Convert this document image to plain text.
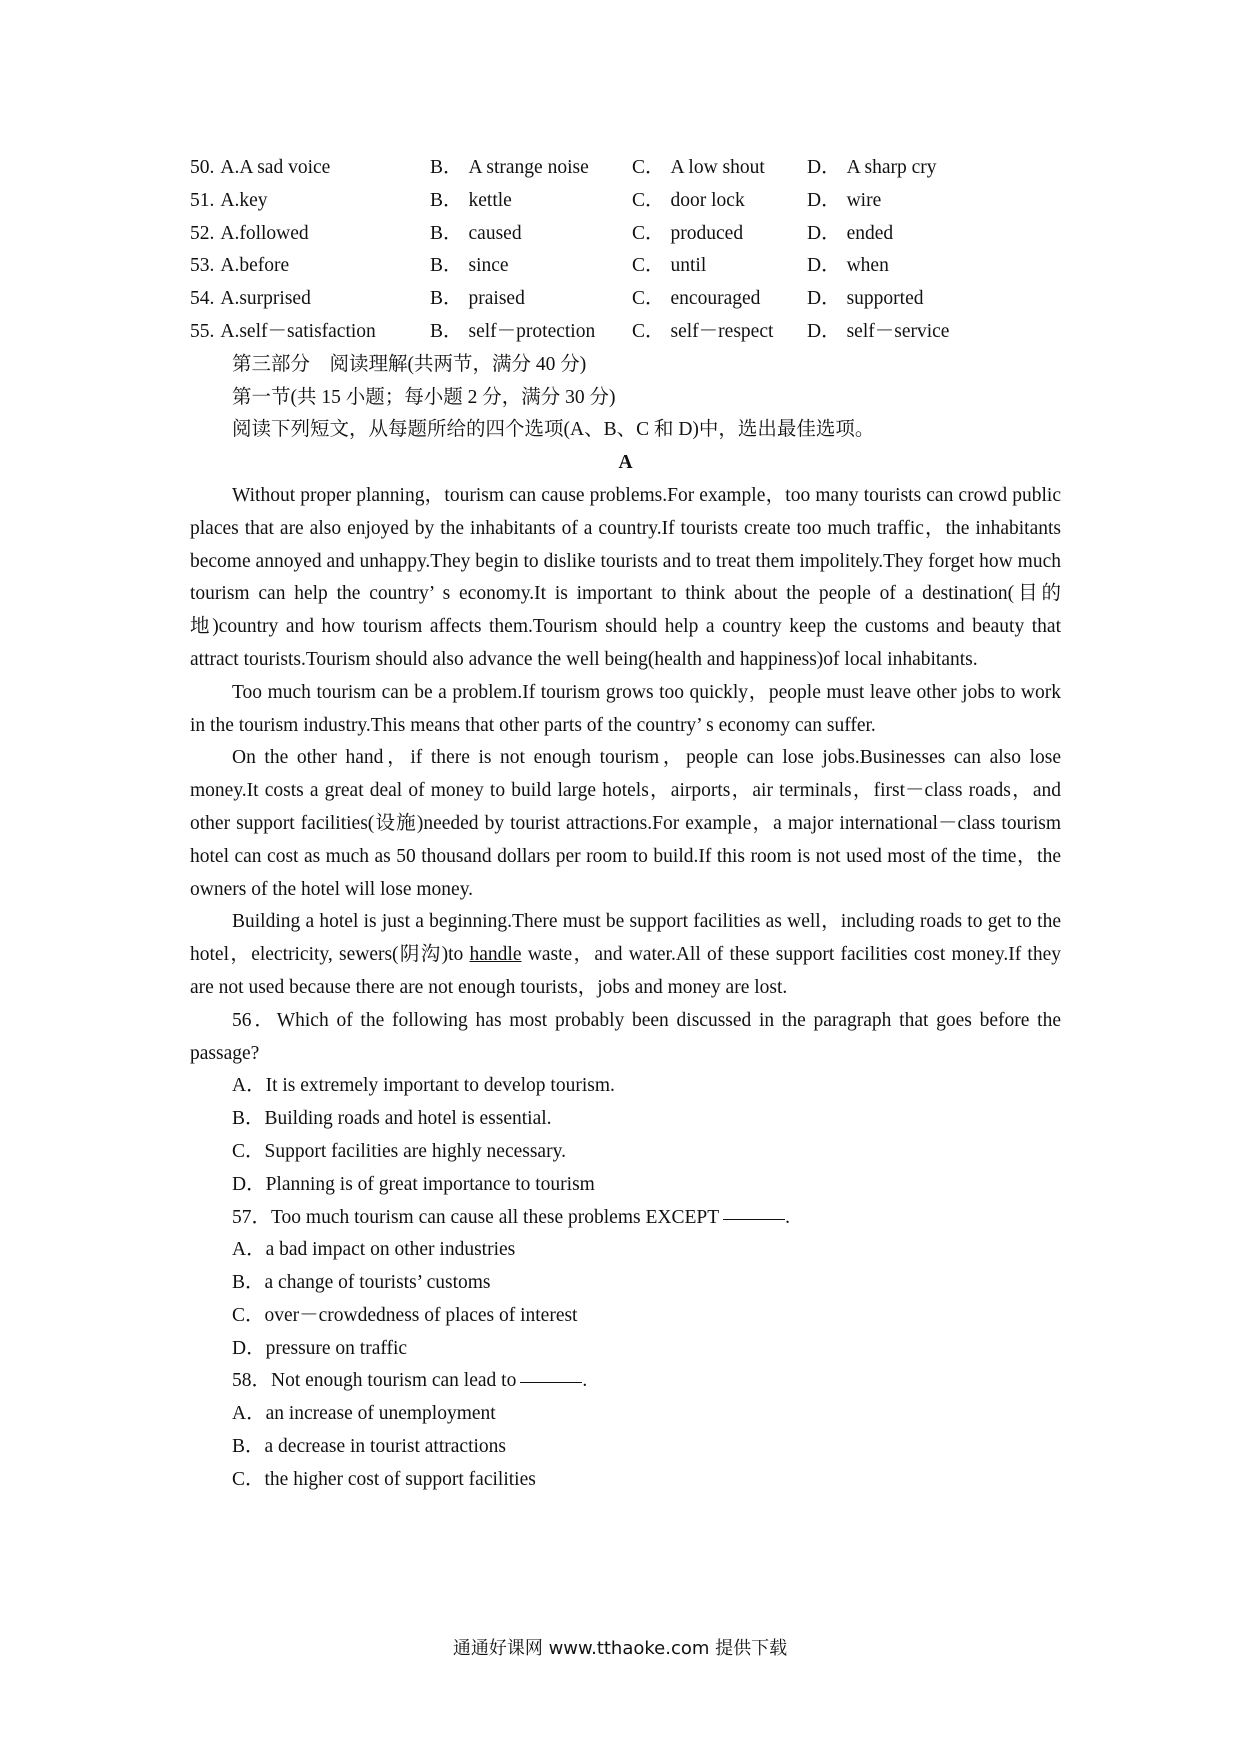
50. A.A sad voice	B． A strange noise	C． A low shout	D． A sharp cry
51. A.key	B． kettle	C． door lock	D． wire
52. A.followed	B． caused	C． produced	D． ended
53. A.before	B． since	C． until	D． when
54. A.surprised	B． praised	C． encouraged	D． supported
55. A.self－satisfaction	B． self－protection	C． self－respect	D． self－service
第三部分　阅读理解(共两节，满分 40 分)
第一节(共 15 小题；每小题 2 分，满分 30 分)
阅读下列短文，从每题所给的四个选项(A、B、C 和 D)中，选出最佳选项。
A

Without proper planning，tourism can cause problems.For example，too many tourists can crowd public places that are also enjoyed by the inhabitants of a country.If tourists create too much traffic，the inhabitants become annoyed and unhappy.They begin to dislike tourists and to treat them impolitely.They forget how much tourism can help the country’ s economy.It is important to think about the people of a destination(目的地)country and how tourism affects them.Tourism should help a country keep the customs and beauty that attract tourists.Tourism should also advance the well being(health and happiness)of local inhabitants.

Too much tourism can be a problem.If tourism grows too quickly，people must leave other jobs to work in the tourism industry.This means that other parts of the country’ s economy can suffer.

On the other hand，if there is not enough tourism，people can lose jobs.Businesses can also lose money.It costs a great deal of money to build large hotels，airports，air terminals，first－class roads，and other support facilities(设施)needed by tourist attractions.For example，a major international－class tourism hotel can cost as much as 50 thousand dollars per room to build.If this room is not used most of the time，the owners of the hotel will lose money.

Building a hotel is just a beginning.There must be support facilities as well，including roads to get to the hotel，electricity, sewers(阴沟)to handle waste，and water.All of these support facilities cost money.If they are not used because there are not enough tourists，jobs and money are lost.

56．Which of the following has most probably been discussed in the paragraph that goes before the passage?
A．It is extremely important to develop tourism.
B．Building roads and hotel is essential.
C．Support facilities are highly necessary.
D．Planning is of great importance to tourism
57．Too much tourism can cause all these problems EXCEPT	.
A．a bad impact on other industries
B．a change of tourists’ customs
C．over－crowdedness of places of interest
D．pressure on traffic
58．Not enough tourism can lead to	.
A．an increase of unemployment
B．a decrease in tourist attractions
C．the higher cost of support facilities
通通好课网 www.tthaoke.com 提供下载
